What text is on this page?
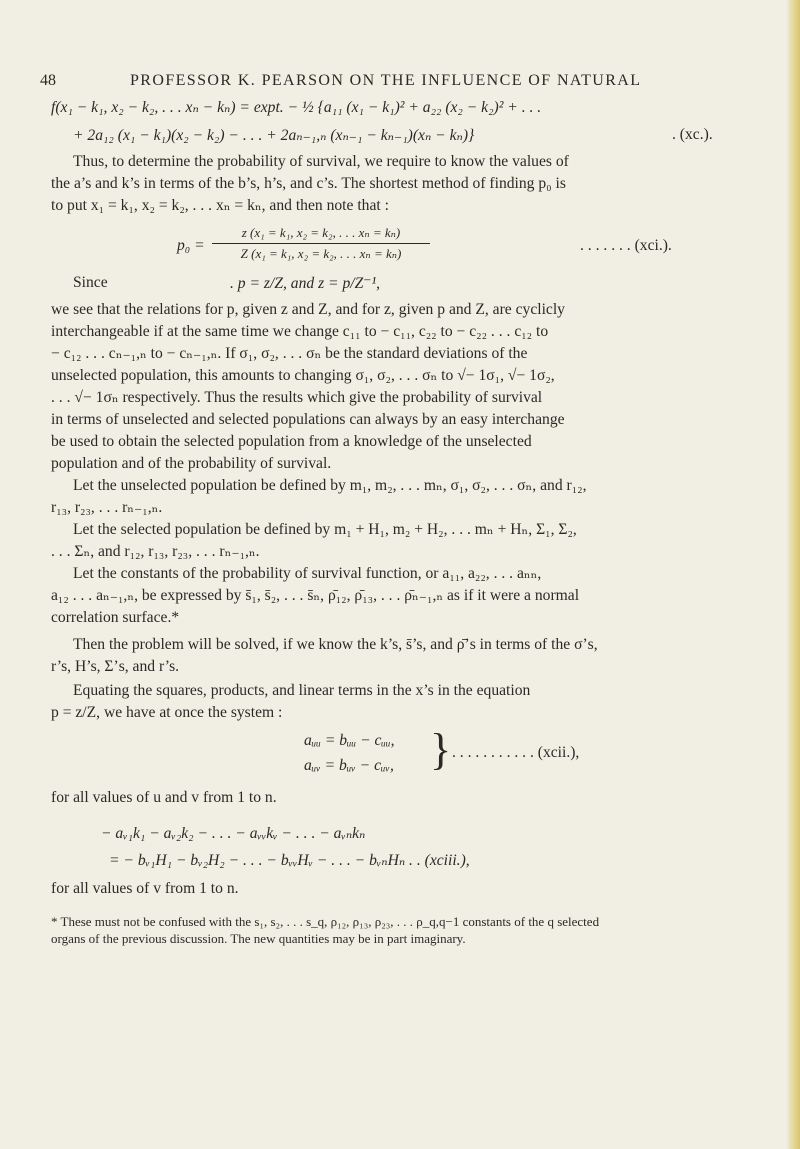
48	PROFESSOR K. PEARSON ON THE INFLUENCE OF NATURAL
f(x₁ − k₁, x₂ − k₂, . . . xₙ − kₙ) = expt. − ½ {a₁₁ (x₁ − k₁)² + a₂₂ (x₂ − k₂)² + . . .
+ 2a₁₂ (x₁ − k₁)(x₂ − k₂) − . . . + 2aₙ₋₁,ₙ (xₙ₋₁ − kₙ₋₁)(xₙ − kₙ)}	. (xc.).
Thus, to determine the probability of survival, we require to know the values of
the a’s and k’s in terms of the b’s, h’s, and c’s. The shortest method of finding p₀ is
to put x₁ = k₁, x₂ = k₂, . . . xₙ = kₙ, and then note that :
p₀ =
z (x₁ = k₁, x₂ = k₂, . . . xₙ = kₙ)
Z (x₁ = k₁, x₂ = k₂, . . . xₙ = kₙ)	. . . . . . . (xci.).
Since	. p = z/Z, and z = p/Z⁻¹,
we see that the relations for p, given z and Z, and for z, given p and Z, are cyclicly
interchangeable if at the same time we change c₁₁ to − c₁₁, c₂₂ to − c₂₂ . . . c₁₂ to
− c₁₂ . . . cₙ₋₁,ₙ to − cₙ₋₁,ₙ. If σ₁, σ₂, . . . σₙ be the standard deviations of the
unselected population, this amounts to changing σ₁, σ₂, . . . σₙ to √− 1σ₁, √− 1σ₂,
. . . √− 1σₙ respectively. Thus the results which give the probability of survival
in terms of unselected and selected populations can always by an easy interchange
be used to obtain the selected population from a knowledge of the unselected
population and of the probability of survival.
Let the unselected population be defined by m₁, m₂, . . . mₙ, σ₁, σ₂, . . . σₙ, and r₁₂,
r₁₃, r₂₃, . . . rₙ₋₁,ₙ.
Let the selected population be defined by m₁ + H₁, m₂ + H₂, . . . mₙ + Hₙ, Σ₁, Σ₂,
. . . Σₙ, and r₁₂, r₁₃, r₂₃, . . . rₙ₋₁,ₙ.
Let the constants of the probability of survival function, or a₁₁, a₂₂, . . . aₙₙ,
a₁₂ . . . aₙ₋₁,ₙ, be expressed by s̄₁, s̄₂, . . . s̄ₙ, ρ̄₁₂, ρ̄₁₃, . . . ρ̄ₙ₋₁,ₙ as if it were a normal
correlation surface.*
Then the problem will be solved, if we know the k’s, s̄’s, and ρ̄’s in terms of the σ’s,
r’s, H’s, Σ’s, and r’s.
Equating the squares, products, and linear terms in the x’s in the equation
p = z/Z, we have at once the system :
aᵤᵤ = bᵤᵤ − cᵤᵤ,
aᵤᵥ = bᵤᵥ − cᵤᵥ, } . . . . . . . . . . . (xcii.),
for all values of u and v from 1 to n.
− aᵥ₁k₁ − aᵥ₂k₂ − . . . − aᵥᵥkᵥ − . . . − aᵥₙkₙ
= − bᵥ₁H₁ − bᵥ₂H₂ − . . . − bᵥᵥHᵥ − . . . − bᵥₙHₙ . . (xciii.),
for all values of v from 1 to n.
* These must not be confused with the s₁, s₂, . . . s_q, ρ₁₂, ρ₁₃, ρ₂₃, . . . ρ_q,q−1 constants of the q selected
organs of the previous discussion. The new quantities may be in part imaginary.
